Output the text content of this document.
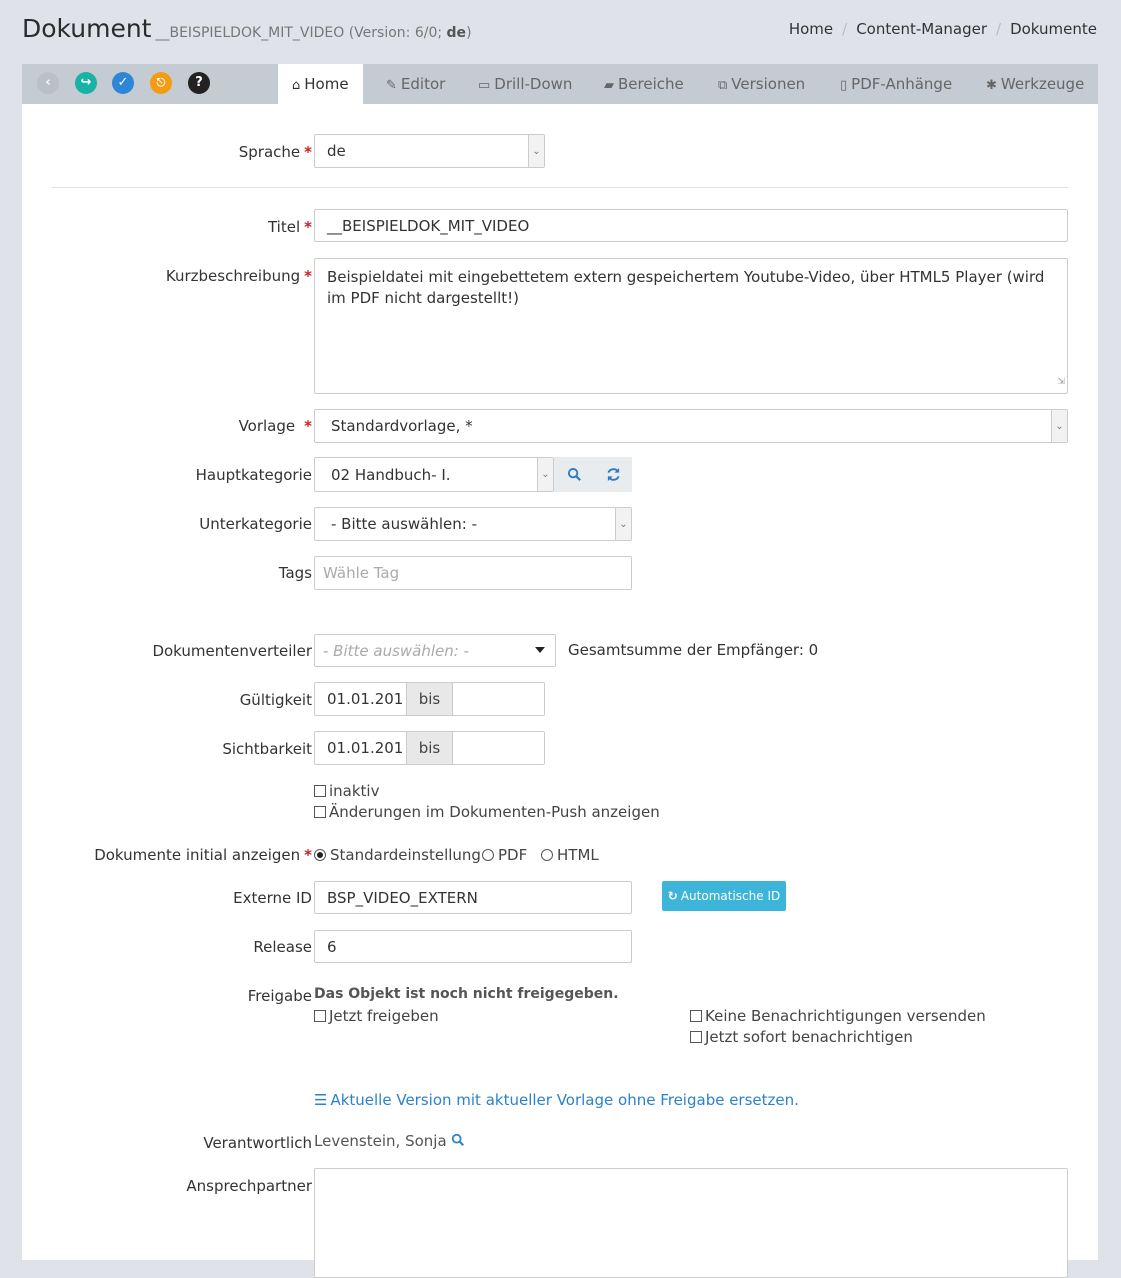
Dokument __BEISPIELDOK_MIT_VIDEO (Version: 6/0; de)	Home / Content-Manager / Dokumente
‹	↪	✓	⎋	?	⌂ Home	✎ Editor	▭ Drill-Down	▰ Bereiche	⧉ Versionen	▯ PDF-Anhänge	✱ Werkzeuge
Sprache * de	⌄
Titel * __BEISPIELDOK_MIT_VIDEO
Kurzbeschreibung * Beispieldatei mit eingebettetem extern gespeichertem Youtube-Video, über HTML5 Player (wird im PDF nicht dargestellt!)
⇲
Vorlage * Standardvorlage, *	⌄
Hauptkategorie 02 Handbuch- I.	⌄
Unterkategorie - Bitte auswählen: -	⌄
Tags Wähle Tag
Dokumentenverteiler - Bitte auswählen: -	Gesamtsumme der Empfänger: 0
Gültigkeit 01.01.201 bis
Sichtbarkeit 01.01.201 bis
inaktiv
Änderungen im Dokumenten-Push anzeigen
Dokumente initial anzeigen *	Standardeinstellung	PDF	HTML
Externe ID BSP_VIDEO_EXTERN	↻ Automatische ID
Release 6
Freigabe Das Objekt ist noch nicht freigegeben.
Jetzt freigeben	Keine Benachrichtigungen versenden
Jetzt sofort benachrichtigen
☰ Aktuelle Version mit aktueller Vorlage ohne Freigabe ersetzen.
Verantwortlich Levenstein, Sonja
Ansprechpartner
